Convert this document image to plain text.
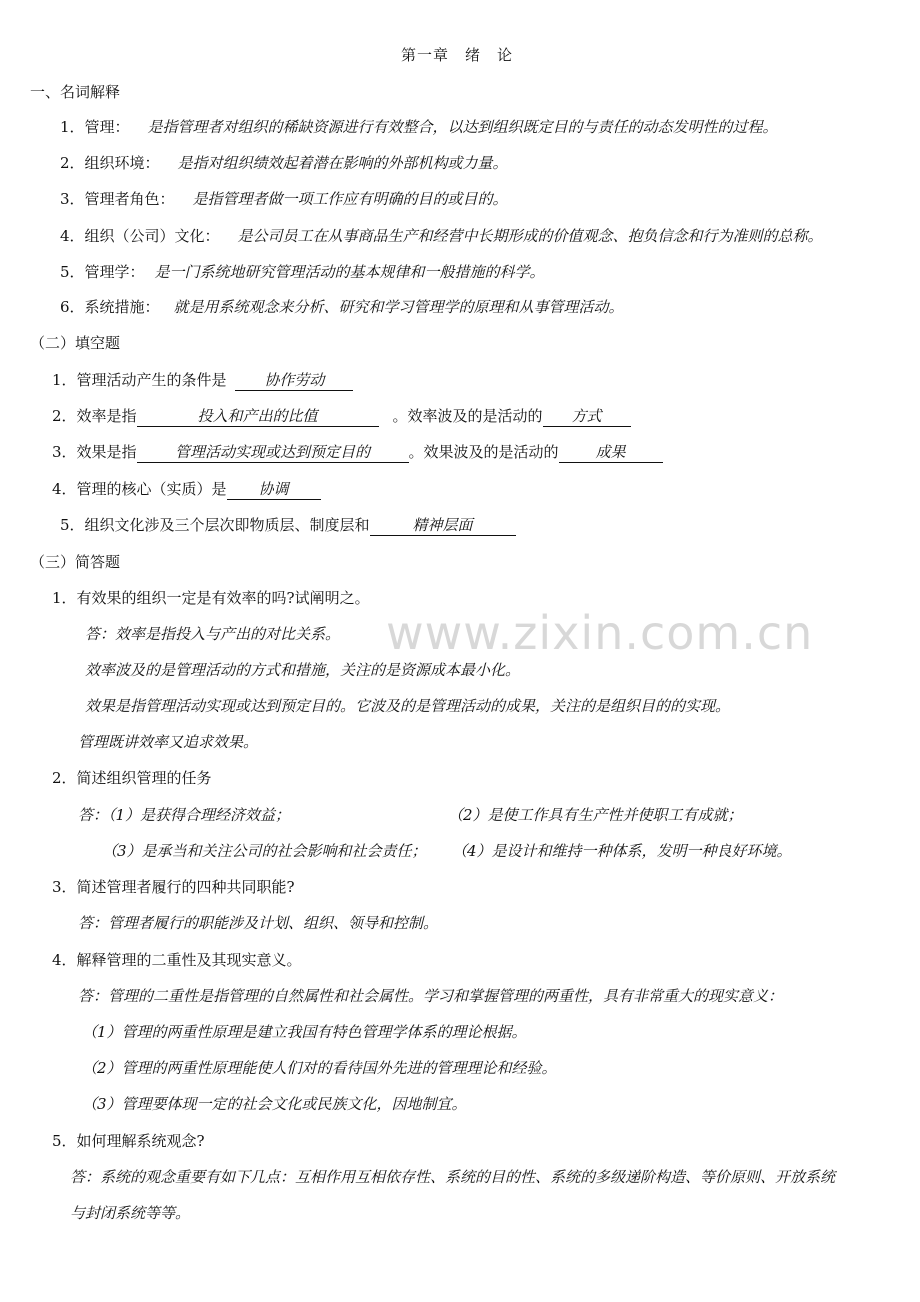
www.zixin.com.cn
第一章　绪　论
一、名词解释
1．管理： 是指管理者对组织的稀缺资源进行有效整合，以达到组织既定目的与责任的动态发明性的过程。
2．组织环境： 是指对组织绩效起着潜在影响的外部机构或力量。
3．管理者角色： 是指管理者做一项工作应有明确的目的或目的。
4．组织（公司）文化： 是公司员工在从事商品生产和经营中长期形成的价值观念、抱负信念和行为准则的总称。
5．管理学： 是一门系统地研究管理活动的基本规律和一般措施的科学。
6．系统措施： 就是用系统观念来分析、研究和学习管理学的原理和从事管理活动。
（二）填空题
1．管理活动产生的条件是	协作劳动
2．效率是指	投入和产出的比值	。效率波及的是活动的 方式
3．效果是指	管理活动实现或达到预定目的	。效果波及的是活动的 成果
4．管理的核心（实质）是 协调
5．组织文化涉及三个层次即物质层、制度层和	精神层面
（三）简答题
1．有效果的组织一定是有效率的吗?试阐明之。
答：效率是指投入与产出的对比关系。
效率波及的是管理活动的方式和措施，关注的是资源成本最小化。
效果是指管理活动实现或达到预定目的。它波及的是管理活动的成果，关注的是组织目的的实现。
管理既讲效率又追求效果。
2．简述组织管理的任务
答：（1）是获得合理经济效益；	（2）是使工作具有生产性并使职工有成就；
（3）是承当和关注公司的社会影响和社会责任； （4）是设计和维持一种体系，发明一种良好环境。
3．简述管理者履行的四种共同职能?
答：管理者履行的职能涉及计划、组织、领导和控制。
4．解释管理的二重性及其现实意义。
答：管理的二重性是指管理的自然属性和社会属性。学习和掌握管理的两重性，具有非常重大的现实意义：
（1）管理的两重性原理是建立我国有特色管理学体系的理论根据。
（2）管理的两重性原理能使人们对的看待国外先进的管理理论和经验。
（3）管理要体现一定的社会文化或民族文化，因地制宜。
5．如何理解系统观念?
答：系统的观念重要有如下几点：互相作用互相依存性、系统的目的性、系统的多级递阶构造、等价原则、开放系统
与封闭系统等等。
